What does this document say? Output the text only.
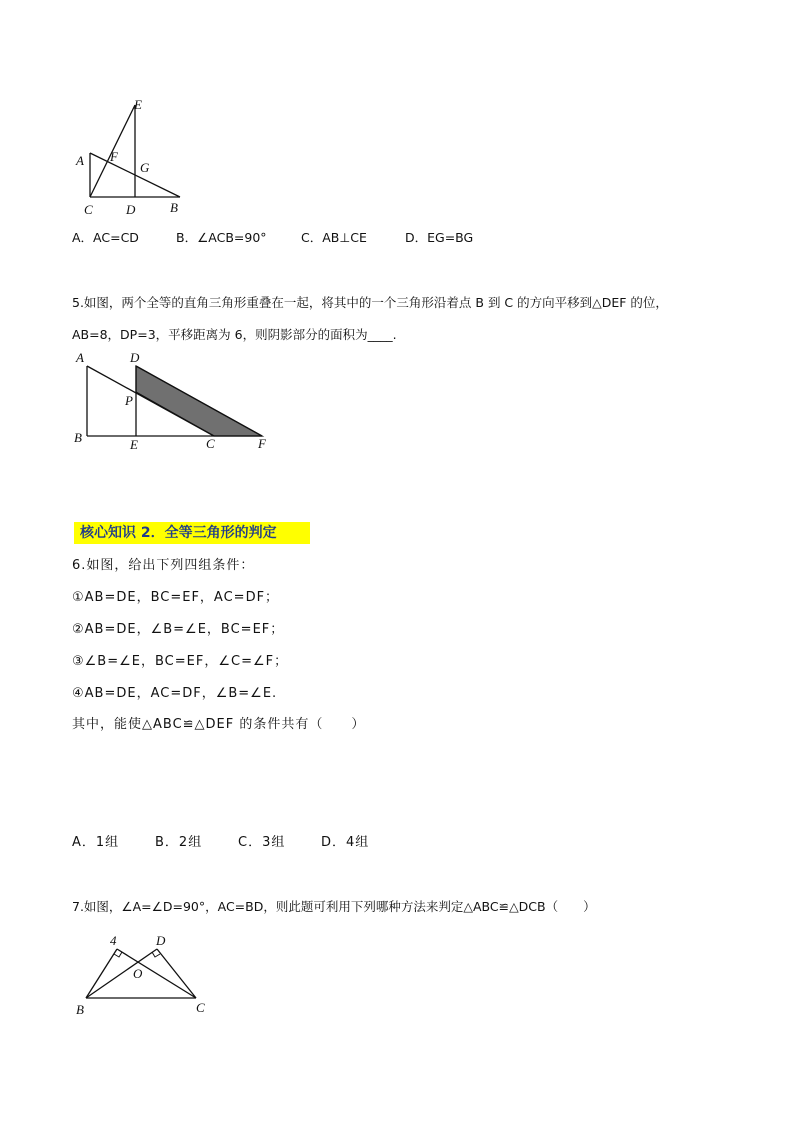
E
A F
G
C	D	B
A．AC=CD	B．∠ACB=90°	C．AB⊥CE	D．EG=BG
5.如图，两个全等的直角三角形重叠在一起，将其中的一个三角形沿着点 B 到 C 的方向平移到△DEF 的位，
AB=8，DP=3，平移距离为 6，则阴影部分的面积为____.
A	D
P
B	E	C	F
核心知识 2．全等三角形的判定
6.如图，给出下列四组条件：
①AB=DE，BC=EF，AC=DF；
②AB=DE，∠B=∠E，BC=EF；
③∠B=∠E，BC=EF，∠C=∠F；
④AB=DE，AC=DF，∠B=∠E.
其中，能使△ABC≌△DEF 的条件共有（　　）
A．1组	B．2组	C．3组	D．4组
7.如图，∠A=∠D=90°，AC=BD，则此题可利用下列哪种方法来判定△ABC≌△DCB（　　）
4	D
O
B	C
